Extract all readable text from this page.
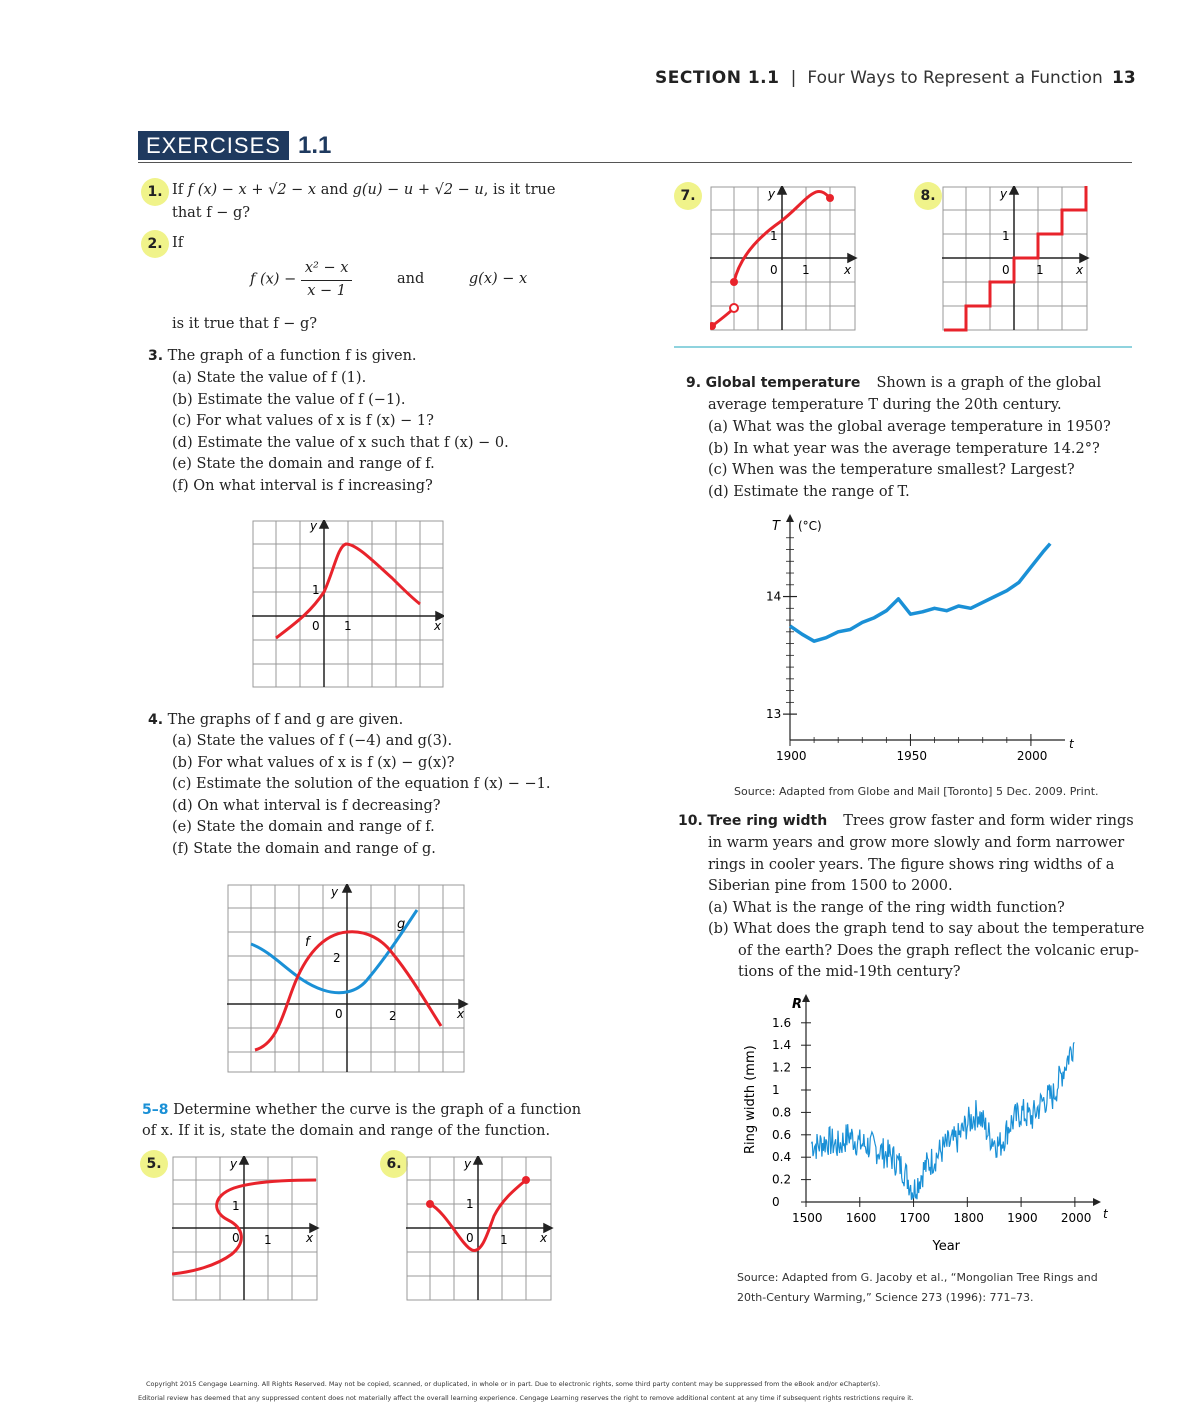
SECTION 1.1 | Four Ways to Represent a Function 13
EXERCISES 1.1
1. If f (x) − x + √2 − x and g(u) − u + √2 − u, is it true
that f − g?
2. If
f $(x) - \frac{\text{x² − x}}{x - 1}$	and	g(x) − x
is it true that f − g?
3. The graph of a function f is given.
(a) State the value of f (1).
(b) Estimate the value of f (−1).
(c) For what values of x is f (x) − 1?
(d) Estimate the value of x such that f (x) − 0.
(e) State the domain and range of f.
(f) On what interval is f increasing?
y
x
0 1
1
4. The graphs of f and g are given.
(a) State the values of f (−4) and g(3).
(b) For what values of x is f (x) − g(x)?
(c) Estimate the solution of the equation f (x) − −1.
(d) On what interval is f decreasing?
(e) State the domain and range of f.
(f) State the domain and range of g.
y
x
0	2
2
f
g
5–8 Determine whether the curve is the graph of a function
of x. If it is, state the domain and range of the function.
5.	y
x
0 1
1
6.	y
x
0 1
1
7.	y
x
0 1
1
8.	y
x
0 1
1
9. Global temperature Shown is a graph of the global
average temperature T during the 20th century.
(a) What was the global average temperature in 1950?
(b) In what year was the average temperature 14.2°?
(c) When was the temperature smallest? Largest?
(d) Estimate the range of T.
13
14
1900	1950	2000
T (°C)
t
Source: Adapted from Globe and Mail [Toronto] 5 Dec. 2009. Print.
10. Tree ring width Trees grow faster and form wider rings
in warm years and grow more slowly and form narrower
rings in cooler years. The figure shows ring widths of a
Siberian pine from 1500 to 2000.
(a) What is the range of the ring width function?
(b) What does the graph tend to say about the temperature
of the earth? Does the graph reflect the volcanic erup-
tions of the mid-19th century?
0
0.2
0.4
0.6
0.8
1
1.2
1.4
1.6
1500 1600 1700 1800 1900 2000
R
t
Ring width (mm)
Year
Source: Adapted from G. Jacoby et al., “Mongolian Tree Rings and
20th-Century Warming,” Science 273 (1996): 771–73.
Copyright 2015 Cengage Learning. All Rights Reserved. May not be copied, scanned, or duplicated, in whole or in part. Due to electronic rights, some third party content may be suppressed from the eBook and/or eChapter(s).
Editorial review has deemed that any suppressed content does not materially affect the overall learning experience. Cengage Learning reserves the right to remove additional content at any time if subsequent rights restrictions require it.
